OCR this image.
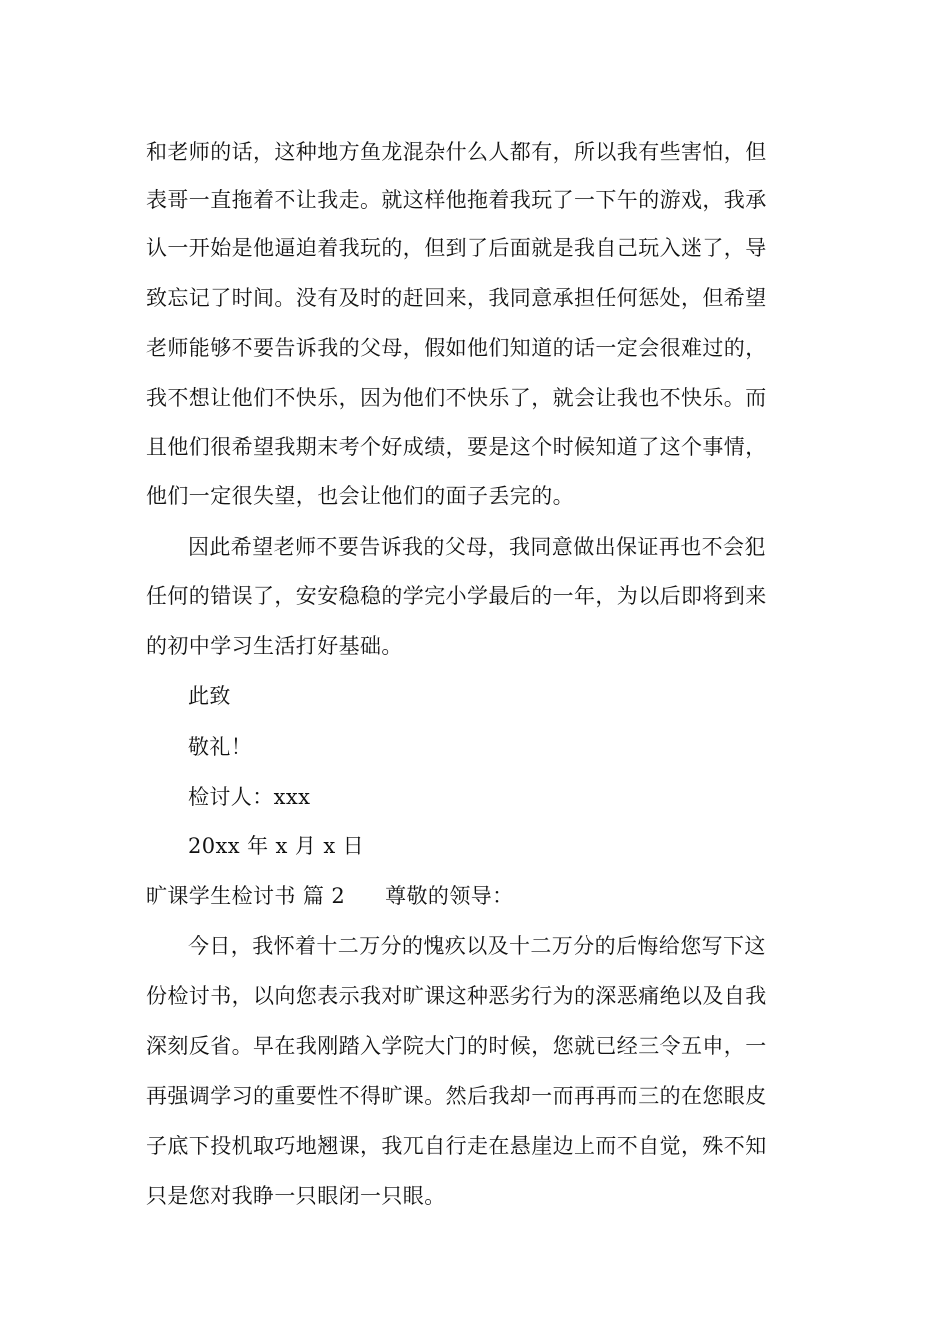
和老师的话，这种地方鱼龙混杂什么人都有，所以我有些害怕，但
表哥一直拖着不让我走。就这样他拖着我玩了一下午的游戏，我承
认一开始是他逼迫着我玩的，但到了后面就是我自己玩入迷了，导
致忘记了时间。没有及时的赶回来，我同意承担任何惩处，但希望
老师能够不要告诉我的父母，假如他们知道的话一定会很难过的，
我不想让他们不快乐，因为他们不快乐了，就会让我也不快乐。而
且他们很希望我期末考个好成绩，要是这个时候知道了这个事情，
他们一定很失望，也会让他们的面子丢完的。
因此希望老师不要告诉我的父母，我同意做出保证再也不会犯
任何的错误了，安安稳稳的学完小学最后的一年，为以后即将到来
的初中学习生活打好基础。
此致
敬礼！
检讨人：xxx
20xx 年 x 月 x 日
旷课学生检讨书 篇 2 尊敬的领导：
今日，我怀着十二万分的愧疚以及十二万分的后悔给您写下这
份检讨书，以向您表示我对旷课这种恶劣行为的深恶痛绝以及自我
深刻反省。早在我刚踏入学院大门的时候，您就已经三令五申，一
再强调学习的重要性不得旷课。然后我却一而再再而三的在您眼皮
子底下投机取巧地翘课，我兀自行走在悬崖边上而不自觉，殊不知
只是您对我睁一只眼闭一只眼。
